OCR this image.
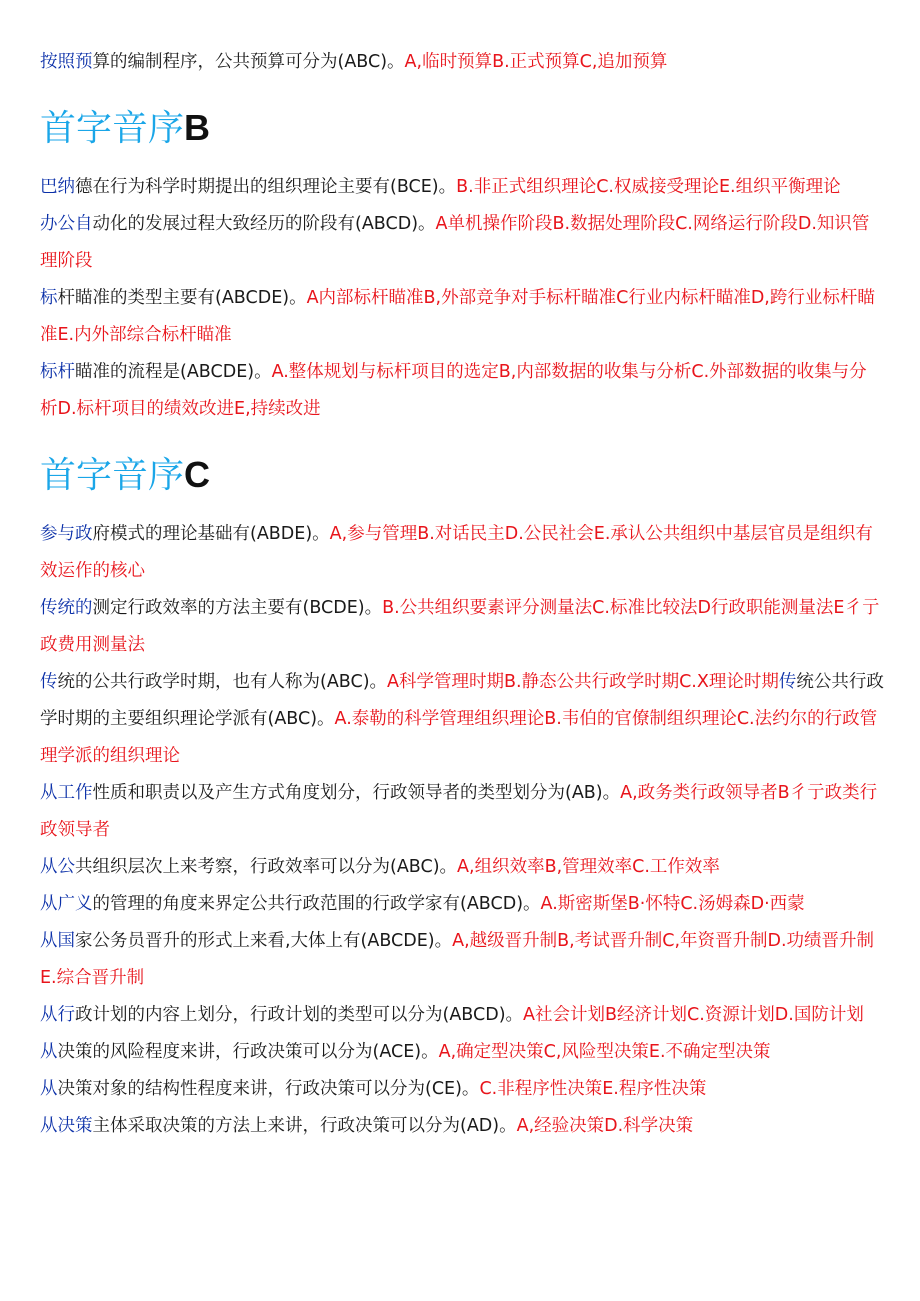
按照预算的编制程序，公共预算可分为(ABC)。A,临时预算B.正式预算C,追加预算

首字音序B

巴纳德在行为科学时期提出的组织理论主要有(BCE)。B.非正式组织理论C.权威接受理论E.组织平衡理论

办公自动化的发展过程大致经历的阶段有(ABCD)。A单机操作阶段B.数据处理阶段C.网络运行阶段D.知识管理阶段

标杆瞄准的类型主要有(ABCDE)。A内部标杆瞄准B,外部竞争对手标杆瞄准C行业内标杆瞄准D,跨行业标杆瞄准E.内外部综合标杆瞄准

标杆瞄准的流程是(ABCDE)。A.整体规划与标杆项目的选定B,内部数据的收集与分析C.外部数据的收集与分析D.标杆项目的绩效改进E,持续改进

首字音序C

参与政府模式的理论基础有(ABDE)。A,参与管理B.对话民主D.公民社会E.承认公共组织中基层官员是组织有效运作的核心

传统的测定行政效率的方法主要有(BCDE)。B.公共组织要素评分测量法C.标准比较法D行政职能测量法E彳亍政费用测量法

传统的公共行政学时期，也有人称为(ABC)。A科学管理时期B.静态公共行政学时期C.X理论时期传统公共行政学时期的主要组织理论学派有(ABC)。A.泰勒的科学管理组织理论B.韦伯的官僚制组织理论C.法约尔的行政管理学派的组织理论

从工作性质和职责以及产生方式角度划分，行政领导者的类型划分为(AB)。A,政务类行政领导者B彳亍政类行政领导者

从公共组织层次上来考察，行政效率可以分为(ABC)。A,组织效率B,管理效率C.工作效率

从广义的管理的角度来界定公共行政范围的行政学家有(ABCD)。A.斯密斯堡B·怀特C.汤姆森D·西蒙

从国家公务员晋升的形式上来看,大体上有(ABCDE)。A,越级晋升制B,考试晋升制C,年资晋升制D.功绩晋升制E.综合晋升制

从行政计划的内容上划分，行政计划的类型可以分为(ABCD)。A社会计划B经济计划C.资源计划D.国防计划

从决策的风险程度来讲，行政决策可以分为(ACE)。A,确定型决策C,风险型决策E.不确定型决策

从决策对象的结构性程度来讲，行政决策可以分为(CE)。C.非程序性决策E.程序性决策

从决策主体采取决策的方法上来讲，行政决策可以分为(AD)。A,经验决策D.科学决策
